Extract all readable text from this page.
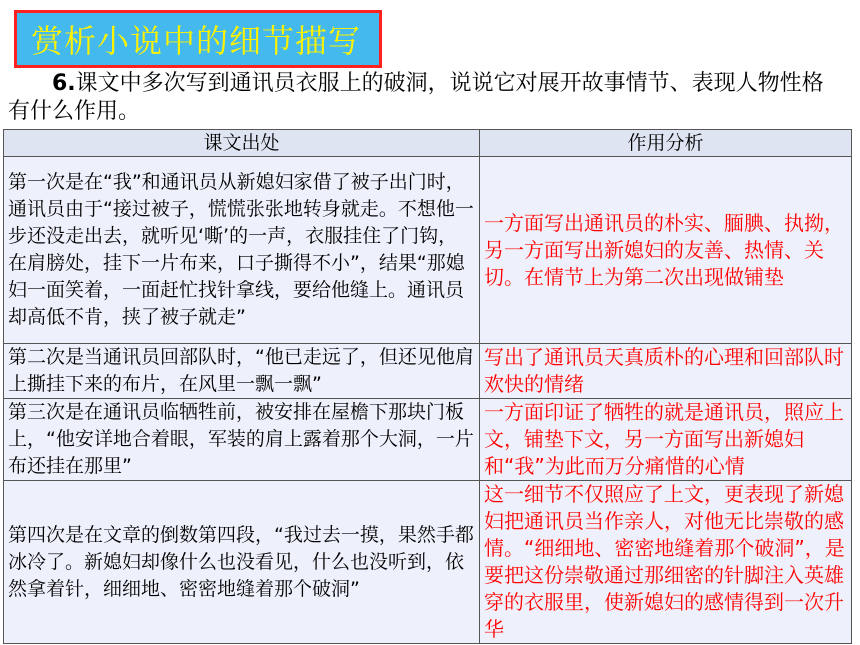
赏析小说中的细节描写
6.课文中多次写到通讯员衣服上的破洞，说说它对展开故事情节、表现人物性格有什么作用。
课文出处	作用分析
第一次是在“我”和通讯员从新媳妇家借了被子出门时，通讯员由于“接过被子，慌慌张张地转身就走。不想他一步还没走出去，就听见‘嘶’的一声，衣服挂住了门钩，在肩膀处，挂下一片布来，口子撕得不小”，结果“那媳妇一面笑着，一面赶忙找针拿线，要给他缝上。通讯员却高低不肯，挟了被子就走”	一方面写出通讯员的朴实、腼腆、执拗，另一方面写出新媳妇的友善、热情、关切。在情节上为第二次出现做铺垫
第二次是当通讯员回部队时，“他已走远了，但还见他肩上撕挂下来的布片，在风里一飘一飘”	写出了通讯员天真质朴的心理和回部队时欢快的情绪
第三次是在通讯员临牺牲前，被安排在屋檐下那块门板上，“他安详地合着眼，军装的肩上露着那个大洞，一片布还挂在那里”	一方面印证了牺牲的就是通讯员，照应上文，铺垫下文，另一方面写出新媳妇和“我”为此而万分痛惜的心情
第四次是在文章的倒数第四段，“我过去一摸，果然手都冰冷了。新媳妇却像什么也没看见，什么也没听到，依然拿着针，细细地、密密地缝着那个破洞”	这一细节不仅照应了上文，更表现了新媳妇把通讯员当作亲人，对他无比崇敬的感情。“细细地、密密地缝着那个破洞”，是要把这份崇敬通过那细密的针脚注入英雄穿的衣服里，使新媳妇的感情得到一次升华
